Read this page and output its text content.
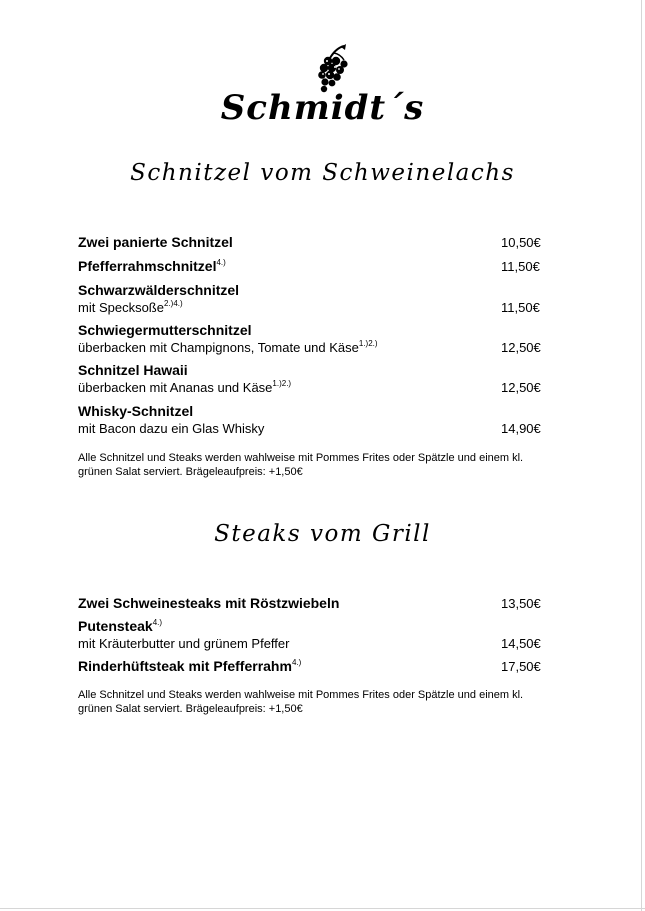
Schmidt´s
Schnitzel vom Schweinelachs
Zwei panierte Schnitzel	10,50€
Pfefferrahmschnitzel$^{4.)}$	11,50€
Schwarzwälderschnitzel
mit Specksoße$^{2.)4.)}$	11,50€
Schwiegermutterschnitzel
überbacken mit Champignons, Tomate und Käse$^{1.)2.)}$	12,50€
Schnitzel Hawaii
überbacken mit Ananas und Käse$^{1.)2.)}$	12,50€
Whisky-Schnitzel
mit Bacon dazu ein Glas Whisky	14,90€
Alle Schnitzel und Steaks werden wahlweise mit Pommes Frites oder Spätzle und einem kl.
grünen Salat serviert. Brägeleaufpreis: +1,50€
Steaks vom Grill
Zwei Schweinesteaks mit Röstzwiebeln	13,50€
Putensteak$^{4.)}$
mit Kräuterbutter und grünem Pfeffer	14,50€
Rinderhüftsteak mit Pfefferrahm$^{4.)}$	17,50€
Alle Schnitzel und Steaks werden wahlweise mit Pommes Frites oder Spätzle und einem kl.
grünen Salat serviert. Brägeleaufpreis: +1,50€
